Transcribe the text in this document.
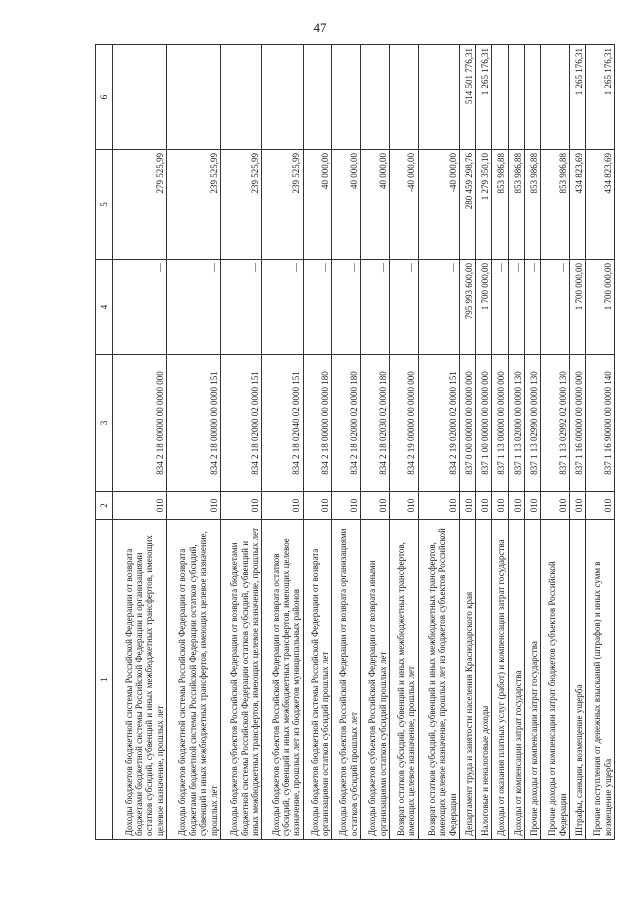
47
1	2	3	4	5	6
Доходы бюджетов бюджетной системы Российской Федерации от возврата бюджетами бюджетной системы Российской Федерации и организациями остатков субсидий, субвенций и иных межбюджетных трансфертов, имеющих целевое назначение, прошлых лет	010	834 2 18 00000 00 0000 000	—	279 525,99	
Доходы бюджетов бюджетной системы Российской Федерации от возврата бюджетами бюджетной системы Российской Федерации остатков субсидий, субвенций и иных межбюджетных трансфертов, имеющих целевое назначение, прошлых лет	010	834 2 18 00000 00 0000 151	—	239 525,99	
Доходы бюджетов субъектов Российской Федерации от возврата бюджетами бюджетной системы Российской Федерации остатков субсидий, субвенций и иных межбюджетных трансфертов, имеющих целевое назначение, прошлых лет	010	834 2 18 02000 02 0000 151	—	239 525,99	
Доходы бюджетов субъектов Российской Федерации от возврата остатков субсидий, субвенций и иных межбюджетных трансфертов, имеющих целевое назначение, прошлых лет из бюджетов муниципальных районов	010	834 2 18 02040 02 0000 151	—	239 525,99	
Доходы бюджетов бюджетной системы Российской Федерации от возврата организациями остатков субсидий прошлых лет	010	834 2 18 00000 00 0000 180	—	40 000,00	
Доходы бюджетов субъектов Российской Федерации от возврата организациями остатков субсидий прошлых лет	010	834 2 18 02000 02 0000 180	—	40 000,00	
Доходы бюджетов субъектов Российской Федерации от возврата иными организациями остатков субсидий прошлых лет	010	834 2 18 02030 02 0000 180	—	40 000,00	
Возврат остатков субсидий, субвенций и иных межбюджетных трансфертов, имеющих целевое назначение, прошлых лет	010	834 2 19 00000 00 0000 000	—	-40 000,00	
Возврат остатков субсидий, субвенций и иных межбюджетных трансфертов, имеющих целевое назначение, прошлых лет из бюджетов субъектов Российской Федерации	010	834 2 19 02000 02 0000 151	—	-40 000,00	
Департамент труда и занятости населения Краснодарского края	010	837 0 00 00000 00 0000 000	795 993 600,00	280 459 298,76	514 501 776,31
Налоговые и неналоговые доходы	010	837 1 00 00000 00 0000 000	1 700 000,00	1 279 350,10	1 265 176,31
Доходы от оказания платных услуг (работ) и компенсации затрат государства	010	837 1 13 00000 00 0000 000	—	853 986,88	
Доходы от компенсации затрат государства	010	837 1 13 02000 00 0000 130	—	853 986,88	
Прочие доходы от компенсации затрат государства	010	837 1 13 02990 00 0000 130	—	853 986,88	
Прочие доходы от компенсации затрат бюджетов субъектов Российской Федерации	010	837 1 13 02992 02 0000 130	—	853 986,88	
Штрафы, санкции, возмещение ущерба	010	837 1 16 00000 00 0000 000	1 700 000,00	434 823,69	1 265 176,31
Прочие поступления от денежных взысканий (штрафов) и иных сумм в возмещение ущерба	010	837 1 16 90000 00 0000 140	1 700 000,00	434 823,69	1 265 176,31
